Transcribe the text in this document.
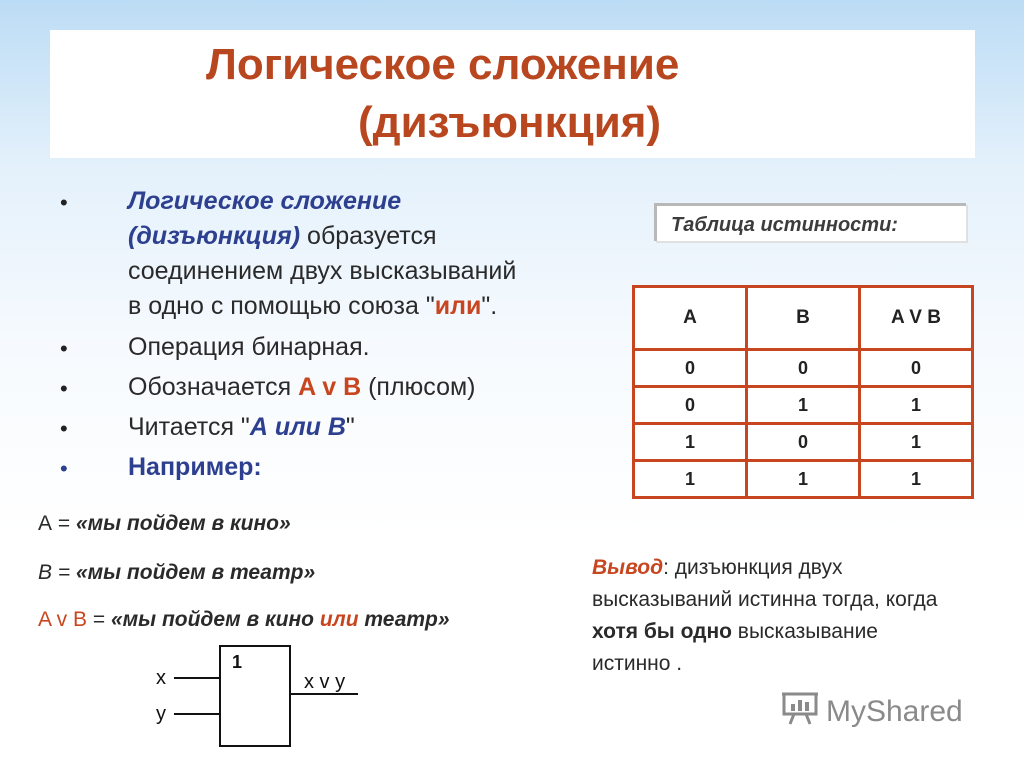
Логическое сложение
(дизъюнкция)
• Логическое сложение
(дизъюнкция) образуется
соединением двух высказываний
в одно с помощью союза "или".
• Операция бинарная.
• Обозначается A v B (плюсом)
• Читается "А или В"
• Например:
А = «мы пойдем в кино»
В = «мы пойдем в театр»
A v B = «мы пойдем в кино или театр»
Таблица истинности:
A	B	A V B
0	0	0
0	1	1
1	0	1
1	1	1
Вывод: дизъюнкция двух
высказываний истинна тогда, когда
хотя бы одно высказывание
истинно .
1
x
y
x v y
MyShared
